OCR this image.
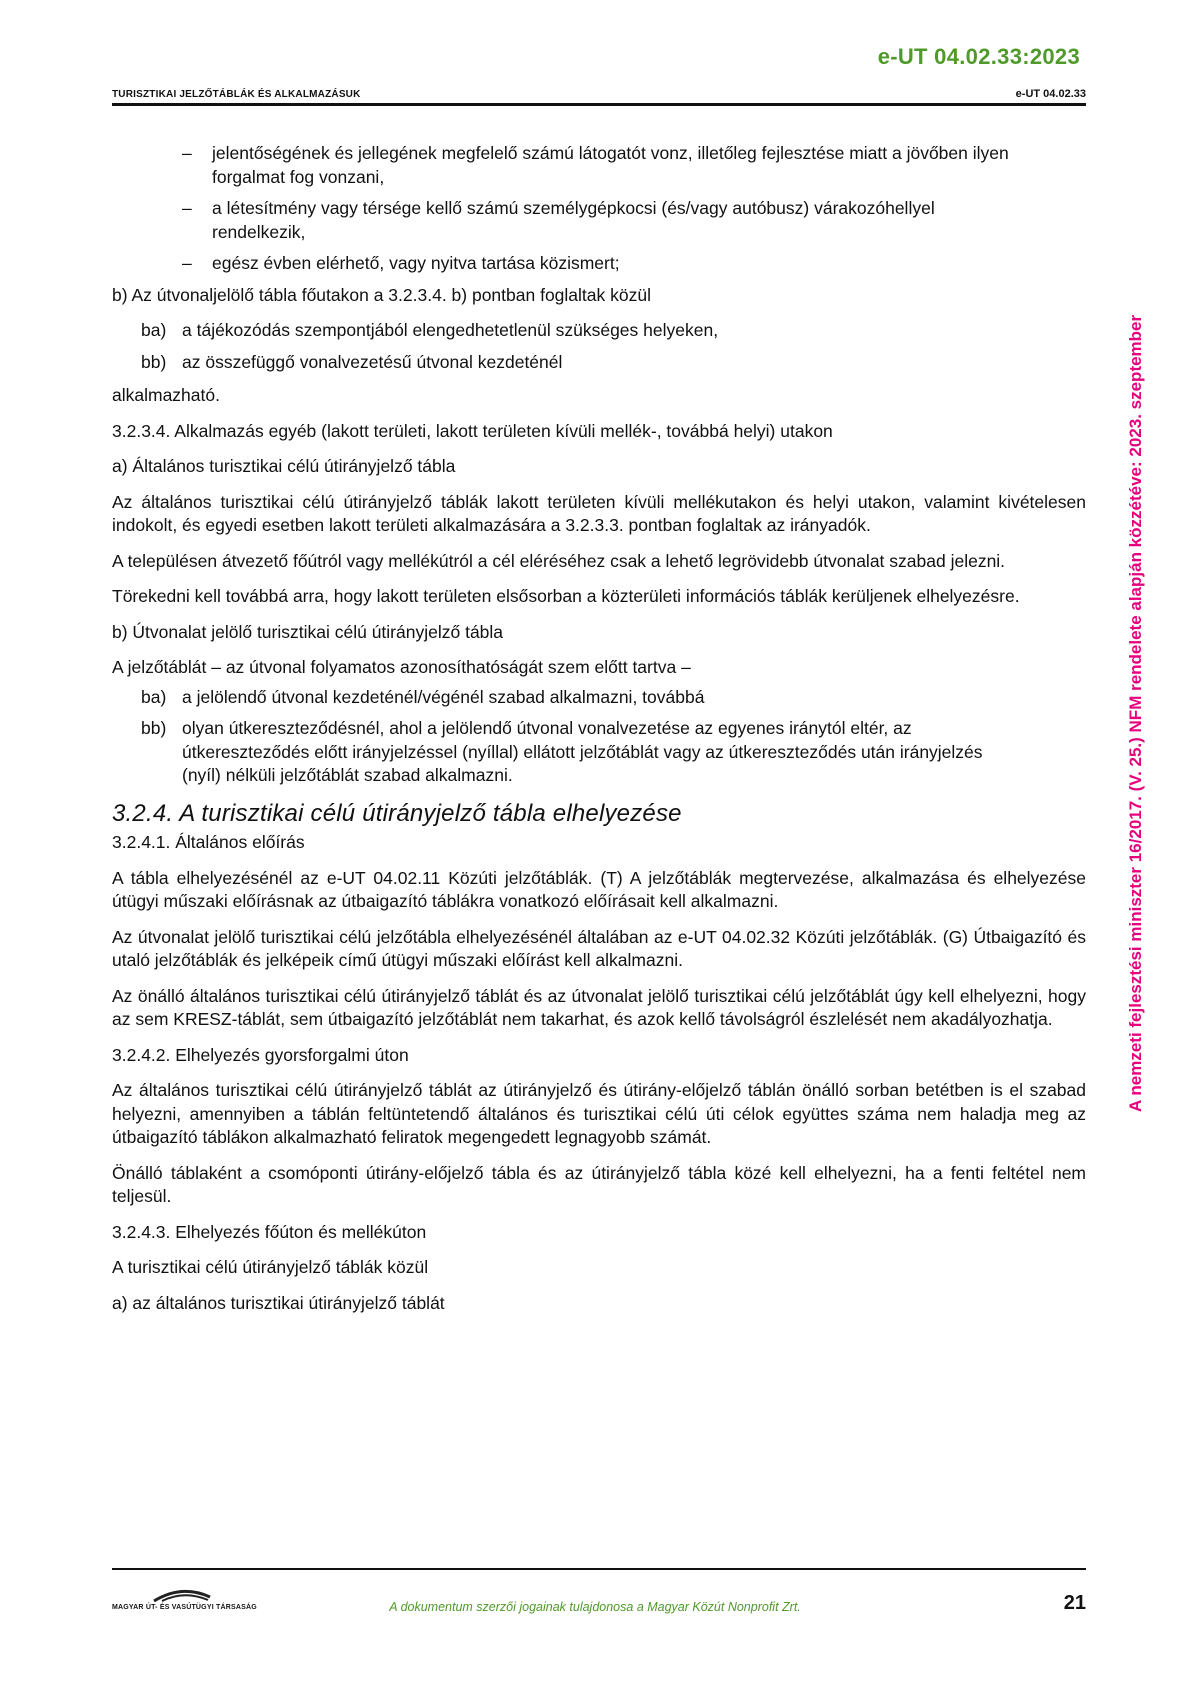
e-UT 04.02.33:2023
TURISZTIKAI JELZŐTÁBLÁK ÉS ALKALMAZÁSUK	e-UT 04.02.33
A nemzeti fejlesztési miniszter 16/2017. (V. 25.) NFM rendelete alapján közzétéve: 2023. szeptember
– jelentőségének és jellegének megfelelő számú látogatót vonz, illetőleg fejlesztése miatt a jövőben ilyen forgalmat fog vonzani,
– a létesítmény vagy térsége kellő számú személygépkocsi (és/vagy autóbusz) várakozóhellyel rendelkezik,
– egész évben elérhető, vagy nyitva tartása közismert;

b) Az útvonaljelölő tábla főutakon a 3.2.3.4. b) pontban foglaltak közül

ba) a tájékozódás szempontjából elengedhetetlenül szükséges helyeken,
bb) az összefüggő vonalvezetésű útvonal kezdeténél

alkalmazható.

3.2.3.4. Alkalmazás egyéb (lakott területi, lakott területen kívüli mellék-, továbbá helyi) utakon

a) Általános turisztikai célú útirányjelző tábla

Az általános turisztikai célú útirányjelző táblák lakott területen kívüli mellékutakon és helyi utakon, valamint kivételesen indokolt, és egyedi esetben lakott területi alkalmazására a 3.2.3.3. pontban foglaltak az irányadók.

A településen átvezető főútról vagy mellékútról a cél eléréséhez csak a lehető legrövidebb útvonalat szabad jelezni.

Törekedni kell továbbá arra, hogy lakott területen elsősorban a közterületi információs táblák kerüljenek elhelyezésre.

b) Útvonalat jelölő turisztikai célú útirányjelző tábla

A jelzőtáblát – az útvonal folyamatos azonosíthatóságát szem előtt tartva –

ba) a jelölendő útvonal kezdeténél/végénél szabad alkalmazni, továbbá
bb) olyan útkereszteződésnél, ahol a jelölendő útvonal vonalvezetése az egyenes iránytól eltér, az útkereszteződés előtt irányjelzéssel (nyíllal) ellátott jelzőtáblát vagy az útkereszteződés után irányjelzés (nyíl) nélküli jelzőtáblát szabad alkalmazni.
3.2.4. A turisztikai célú útirányjelző tábla elhelyezése

3.2.4.1. Általános előírás

A tábla elhelyezésénél az e-UT 04.02.11 Közúti jelzőtáblák. (T) A jelzőtáblák megtervezése, alkalmazása és elhelyezése útügyi műszaki előírásnak az útbaigazító táblákra vonatkozó előírásait kell alkalmazni.

Az útvonalat jelölő turisztikai célú jelzőtábla elhelyezésénél általában az e-UT 04.02.32 Közúti jelzőtáblák. (G) Útbaigazító és utaló jelzőtáblák és jelképeik című útügyi műszaki előírást kell alkalmazni.

Az önálló általános turisztikai célú útirányjelző táblát és az útvonalat jelölő turisztikai célú jelzőtáblát úgy kell elhelyezni, hogy az sem KRESZ-táblát, sem útbaigazító jelzőtáblát nem takarhat, és azok kellő távolságról észlelését nem akadályozhatja.

3.2.4.2. Elhelyezés gyorsforgalmi úton

Az általános turisztikai célú útirányjelző táblát az útirányjelző és útirány-előjelző táblán önálló sorban betétben is el szabad helyezni, amennyiben a táblán feltüntetendő általános és turisztikai célú úti célok együttes száma nem haladja meg az útbaigazító táblákon alkalmazható feliratok megengedett legnagyobb számát.

Önálló táblaként a csomóponti útirány-előjelző tábla és az útirányjelző tábla közé kell elhelyezni, ha a fenti feltétel nem teljesül.

3.2.4.3. Elhelyezés főúton és mellékúton

A turisztikai célú útirányjelző táblák közül

a) az általános turisztikai útirányjelző táblát

MAGYAR ÚT- ÉS VASÚTÜGYI TÁRSASÁG	A dokumentum szerzői jogainak tulajdonosa a Magyar Közút Nonprofit Zrt.	21
